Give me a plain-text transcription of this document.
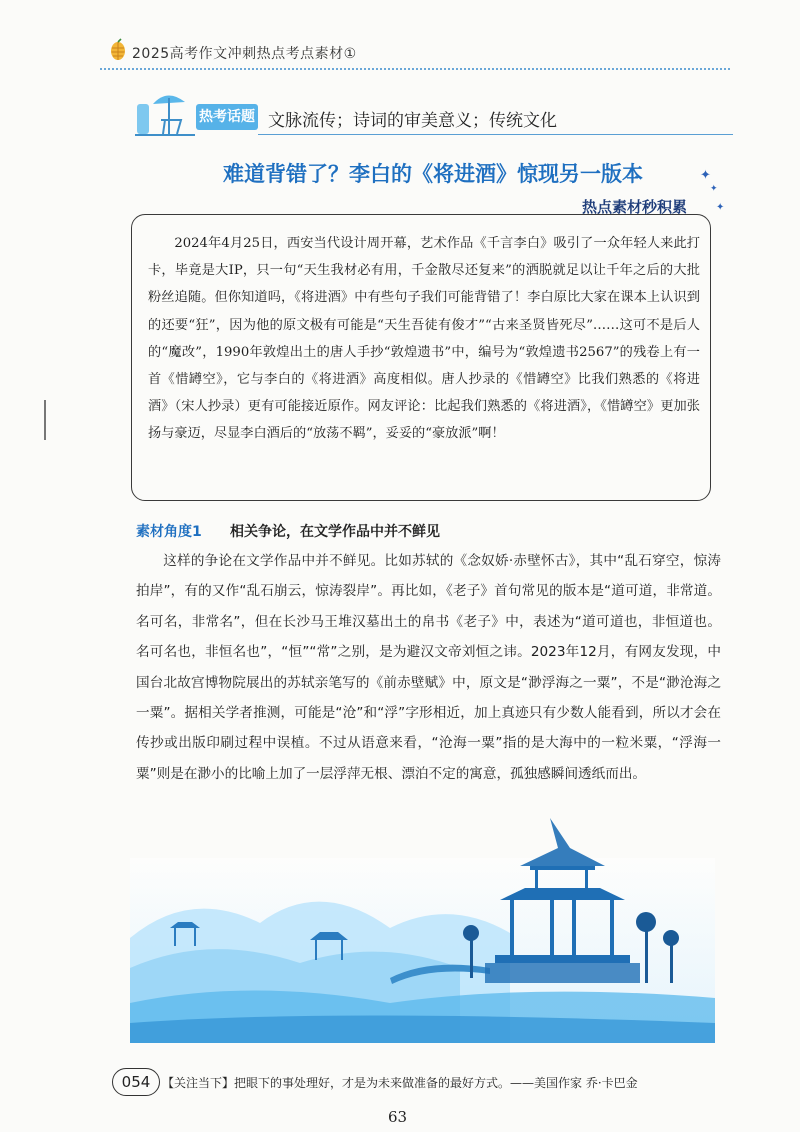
2025高考作文冲刺热点考点素材①
热考话题 文脉流传；诗词的审美意义；传统文化
难道背错了？李白的《将进酒》惊现另一版本	✦
✦
热点素材秒积累	✦
2024年4月25日，西安当代设计周开幕，艺术作品《千言李白》吸引了一众年轻人来此打卡，毕竟是大IP，只一句“天生我材必有用，千金散尽还复来”的洒脱就足以让千年之后的大批粉丝追随。但你知道吗，《将进酒》中有些句子我们可能背错了！李白原比大家在课本上认识到的还要“狂”，因为他的原文极有可能是“天生吾徒有俊才”“古来圣贤皆死尽”……这可不是后人的“魔改”，1990年敦煌出土的唐人手抄“敦煌遗书”中，编号为“敦煌遗书2567”的残卷上有一首《惜罇空》，它与李白的《将进酒》高度相似。唐人抄录的《惜罇空》比我们熟悉的《将进酒》（宋人抄录）更有可能接近原作。网友评论：比起我们熟悉的《将进酒》，《惜罇空》更加张扬与豪迈，尽显李白酒后的“放荡不羁”，妥妥的“豪放派”啊！
素材角度1 相关争论，在文学作品中并不鲜见
这样的争论在文学作品中并不鲜见。比如苏轼的《念奴娇·赤壁怀古》，其中“乱石穿空，惊涛拍岸”，有的又作“乱石崩云，惊涛裂岸”。再比如，《老子》首句常见的版本是“道可道，非常道。名可名，非常名”，但在长沙马王堆汉墓出土的帛书《老子》中，表述为“道可道也，非恒道也。名可名也，非恒名也”，“恒”“常”之别，是为避汉文帝刘恒之讳。2023年12月，有网友发现，中国台北故宫博物院展出的苏轼亲笔写的《前赤壁赋》中，原文是“渺浮海之一粟”，不是“渺沧海之一粟”。据相关学者推测，可能是“沧”和“浮”字形相近，加上真迹只有少数人能看到，所以才会在传抄或出版印刷过程中误植。不过从语意来看，“沧海一粟”指的是大海中的一粒米粟，“浮海一粟”则是在渺小的比喻上加了一层浮萍无根、漂泊不定的寓意，孤独感瞬间透纸而出。
054 【关注当下】把眼下的事处理好，才是为未来做准备的最好方式。——美国作家 乔·卡巴金
63
